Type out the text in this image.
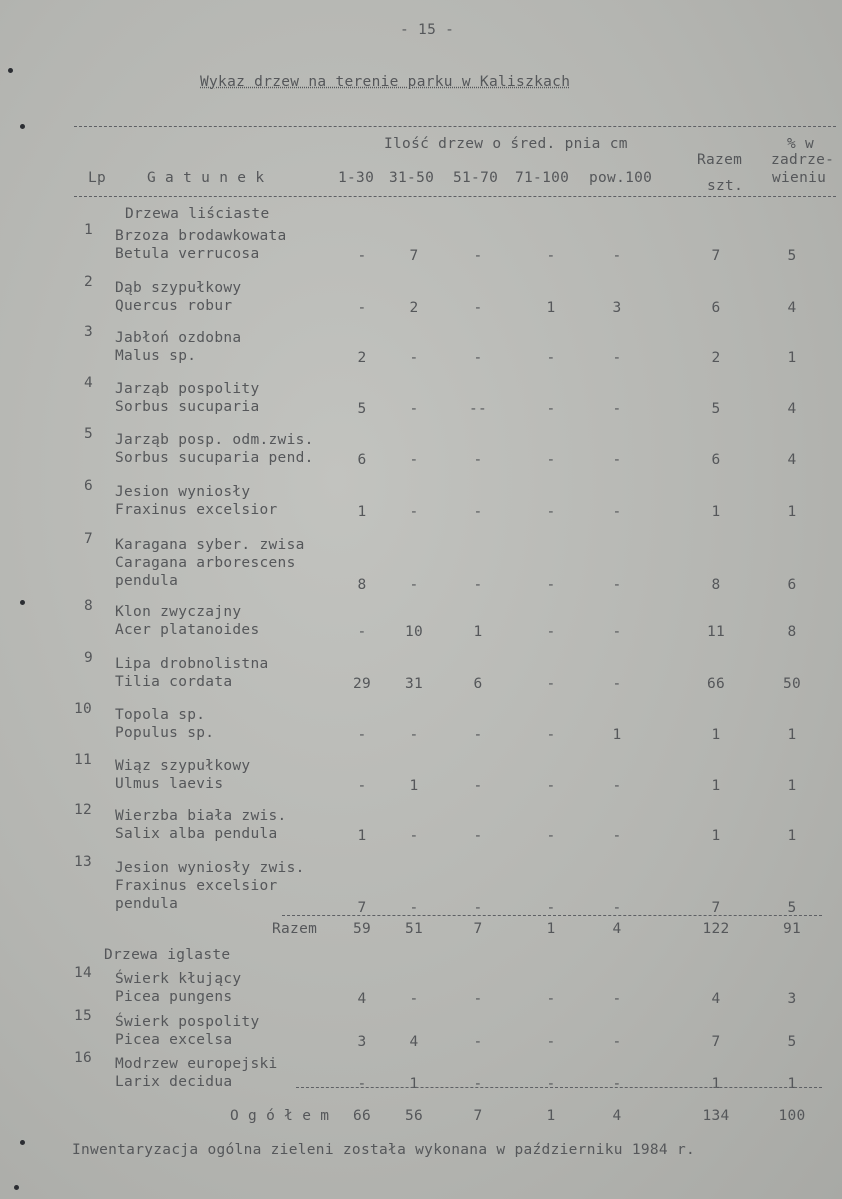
- 15 -
Wykaz drzew na terenie parku w Kaliszkach
Ilość drzew o śred. pnia cm	% w
zadrze-
Razem
Lp	G a t u n e k	1-30 31-50 51-70 71-100 pow.100	wieniu
szt.
Drzewa liściaste
1 Brzoza brodawkowata
Betula verrucosa	-	7	-	-	-	7	5
2 Dąb szypułkowy
Quercus robur	-	2	-	1	3	6	4
3 Jabłoń ozdobna
Malus sp.	2	-	-	-	-	2	1
4 Jarząb pospolity
Sorbus sucuparia	5	-	--	-	-	5	4
5 Jarząb posp. odm.zwis.
Sorbus sucuparia pend.	6	-	-	-	-	6	4
6 Jesion wyniosły
Fraxinus excelsior	1	-	-	-	-	1	1
7 Karagana syber. zwisa
Caragana arborescens
pendula	8	-	-	-	-	8	6
8 Klon zwyczajny
Acer platanoides	-	10	1	-	-	11	8
9 Lipa drobnolistna
Tilia cordata	29	31	6	-	-	66	50
10 Topola sp.
Populus sp.	-	-	-	-	1	1	1
11 Wiąz szypułkowy
Ulmus laevis	-	1	-	-	-	1	1
12 Wierzba biała zwis.
Salix alba pendula	1	-	-	-	-	1	1
13 Jesion wyniosły zwis.
Fraxinus excelsior
pendula	7	-	-	-	-	7	5
14 Świerk kłujący
Picea pungens	4	-	-	-	-	4	3
15 Świerk pospolity
Picea excelsa	3	4	-	-	-	7	5
16 Modrzew europejski
Larix decidua	-	1	-	-	-	1	1
Drzewa iglaste
Razem	59	51	7	1	4	122	91
O g ó ł e m	66	56	7	1	4	134	100
Inwentaryzacja ogólna zieleni została wykonana w październiku 1984 r.
